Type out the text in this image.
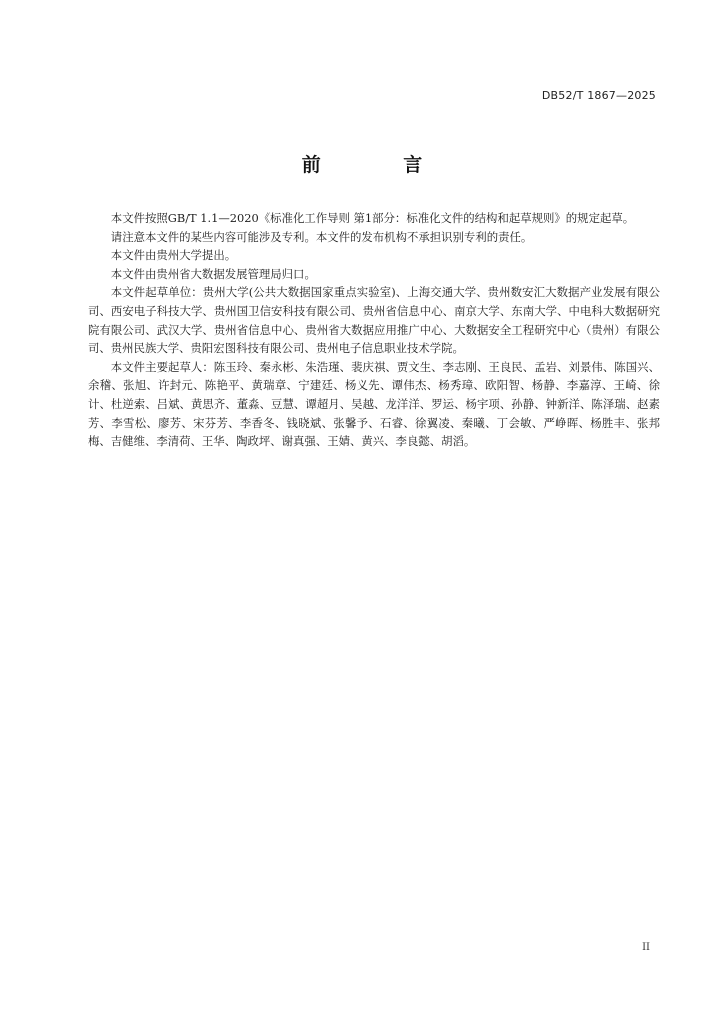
DB52/T 1867—2025
前 言

本文件按照GB/T 1.1—2020《标准化工作导则 第1部分：标准化文件的结构和起草规则》的规定起草。

请注意本文件的某些内容可能涉及专利。本文件的发布机构不承担识别专利的责任。

本文件由贵州大学提出。

本文件由贵州省大数据发展管理局归口。

本文件起草单位：贵州大学(公共大数据国家重点实验室)、上海交通大学、贵州数安汇大数据产业发展有限公司、西安电子科技大学、贵州国卫信安科技有限公司、贵州省信息中心、南京大学、东南大学、中电科大数据研究院有限公司、武汉大学、贵州省信息中心、贵州省大数据应用推广中心、大数据安全工程研究中心（贵州）有限公司、贵州民族大学、贵阳宏图科技有限公司、贵州电子信息职业技术学院。

本文件主要起草人：陈玉玲、秦永彬、朱浩瑾、裴庆祺、贾文生、李志刚、王良民、孟岩、刘景伟、陈国兴、余稽、张旭、许封元、陈艳平、黄瑞章、宁建廷、杨义先、谭伟杰、杨秀璋、欧阳智、杨静、李嘉淳、王崎、徐计、杜逆索、吕斌、黄思齐、董淼、豆慧、谭超月、吴越、龙洋洋、罗运、杨宇项、孙静、钟新洋、陈泽瑞、赵素芳、李雪松、廖芳、宋芬芳、李香冬、钱晓斌、张馨予、石睿、徐翼凌、秦曦、丁会敏、严峥晖、杨胜丰、张邦梅、吉健维、李清荷、王华、陶政坪、谢真强、王婧、黄兴、李良懿、胡滔。

II
